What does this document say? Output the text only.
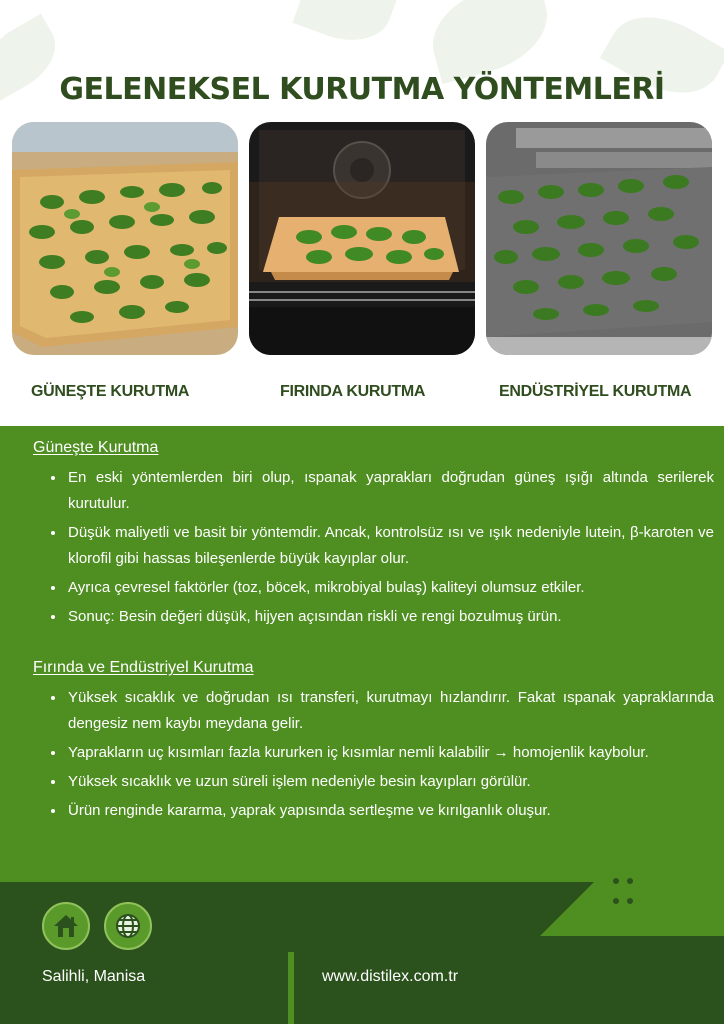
GELENEKSEL KURUTMA YÖNTEMLERİ
GÜNEŞTE KURUTMA	FIRINDA KURUTMA	ENDÜSTRİYEL KURUTMA
Güneşte Kurutma
• En eski yöntemlerden biri olup, ıspanak yaprakları doğrudan güneş ışığı altında serilerek kurutulur.
• Düşük maliyetli ve basit bir yöntemdir. Ancak, kontrolsüz ısı ve ışık nedeniyle lutein, β-karoten ve klorofil gibi hassas bileşenlerde büyük kayıplar olur.
• Ayrıca çevresel faktörler (toz, böcek, mikrobiyal bulaş) kaliteyi olumsuz etkiler.
• Sonuç: Besin değeri düşük, hijyen açısından riskli ve rengi bozulmuş ürün.
Fırında ve Endüstriyel Kurutma
• Yüksek sıcaklık ve doğrudan ısı transferi, kurutmayı hızlandırır. Fakat ıspanak yapraklarında dengesiz nem kaybı meydana gelir.
• Yaprakların uç kısımları fazla kururken iç kısımlar nemli kalabilir → homojenlik kaybolur.
• Yüksek sıcaklık ve uzun süreli işlem nedeniyle besin kayıpları görülür.
• Ürün renginde kararma, yaprak yapısında sertleşme ve kırılganlık oluşur.
Salihli, Manisa	www.distilex.com.tr
